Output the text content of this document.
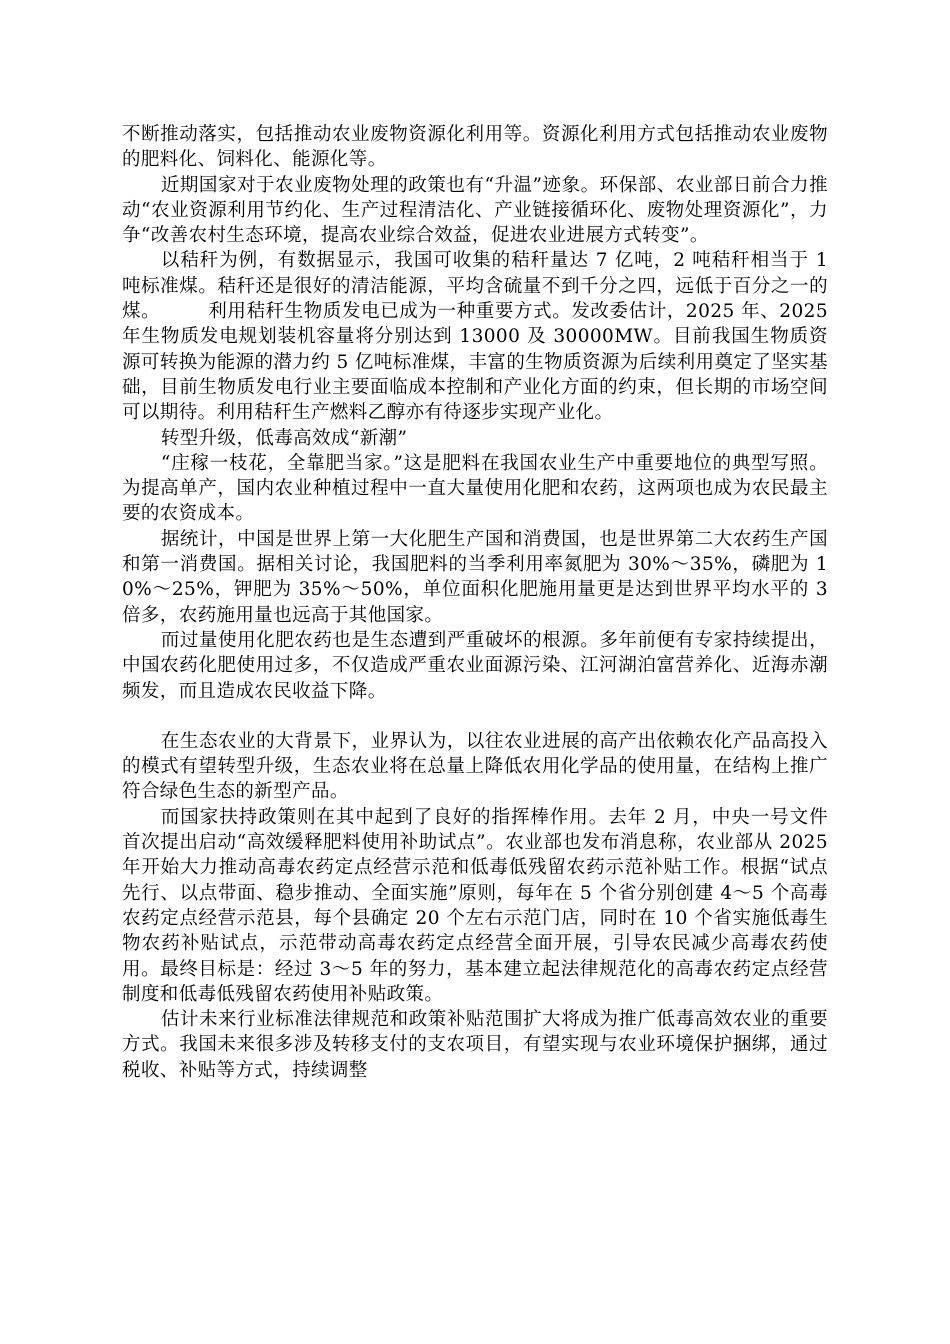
不断推动落实，包括推动农业废物资源化利用等。资源化利用方式包括推动农业废物的肥料化、饲料化、能源化等。

近期国家对于农业废物处理的政策也有“升温”迹象。环保部、农业部日前合力推动“农业资源利用节约化、生产过程清洁化、产业链接循环化、废物处理资源化”，力争“改善农村生态环境，提高农业综合效益，促进农业进展方式转变”。

以秸秆为例，有数据显示，我国可收集的秸秆量达 7 亿吨，2 吨秸秆相当于 1 吨标准煤。秸秆还是很好的清洁能源，平均含硫量不到千分之四，远低于百分之一的煤。　　　利用秸秆生物质发电已成为一种重要方式。发改委估计，2025 年、2025 年生物质发电规划装机容量将分别达到 13000 及 30000MW。目前我国生物质资源可转换为能源的潜力约 5 亿吨标准煤，丰富的生物质资源为后续利用奠定了坚实基础，目前生物质发电行业主要面临成本控制和产业化方面的约束，但长期的市场空间可以期待。利用秸秆生产燃料乙醇亦有待逐步实现产业化。

转型升级，低毒高效成“新潮”

“庄稼一枝花，全靠肥当家。”这是肥料在我国农业生产中重要地位的典型写照。为提高单产，国内农业种植过程中一直大量使用化肥和农药，这两项也成为农民最主要的农资成本。

据统计，中国是世界上第一大化肥生产国和消费国，也是世界第二大农药生产国和第一消费国。据相关讨论，我国肥料的当季利用率氮肥为 30%～35%，磷肥为 10%～25%，钾肥为 35%～50%，单位面积化肥施用量更是达到世界平均水平的 3 倍多，农药施用量也远高于其他国家。

而过量使用化肥农药也是生态遭到严重破坏的根源。多年前便有专家持续提出，中国农药化肥使用过多，不仅造成严重农业面源污染、江河湖泊富营养化、近海赤潮频发，而且造成农民收益下降。

在生态农业的大背景下，业界认为，以往农业进展的高产出依赖农化产品高投入的模式有望转型升级，生态农业将在总量上降低农用化学品的使用量，在结构上推广符合绿色生态的新型产品。

而国家扶持政策则在其中起到了良好的指挥棒作用。去年 2 月，中央一号文件首次提出启动“高效缓释肥料使用补助试点”。农业部也发布消息称，农业部从 2025 年开始大力推动高毒农药定点经营示范和低毒低残留农药示范补贴工作。根据“试点先行、以点带面、稳步推动、全面实施”原则，每年在 5 个省分别创建 4～5 个高毒农药定点经营示范县，每个县确定 20 个左右示范门店，同时在 10 个省实施低毒生物农药补贴试点，示范带动高毒农药定点经营全面开展，引导农民减少高毒农药使用。最终目标是：经过 3～5 年的努力，基本建立起法律规范化的高毒农药定点经营制度和低毒低残留农药使用补贴政策。

估计未来行业标准法律规范和政策补贴范围扩大将成为推广低毒高效农业的重要方式。我国未来很多涉及转移支付的支农项目，有望实现与农业环境保护捆绑，通过税收、补贴等方式，持续调整
